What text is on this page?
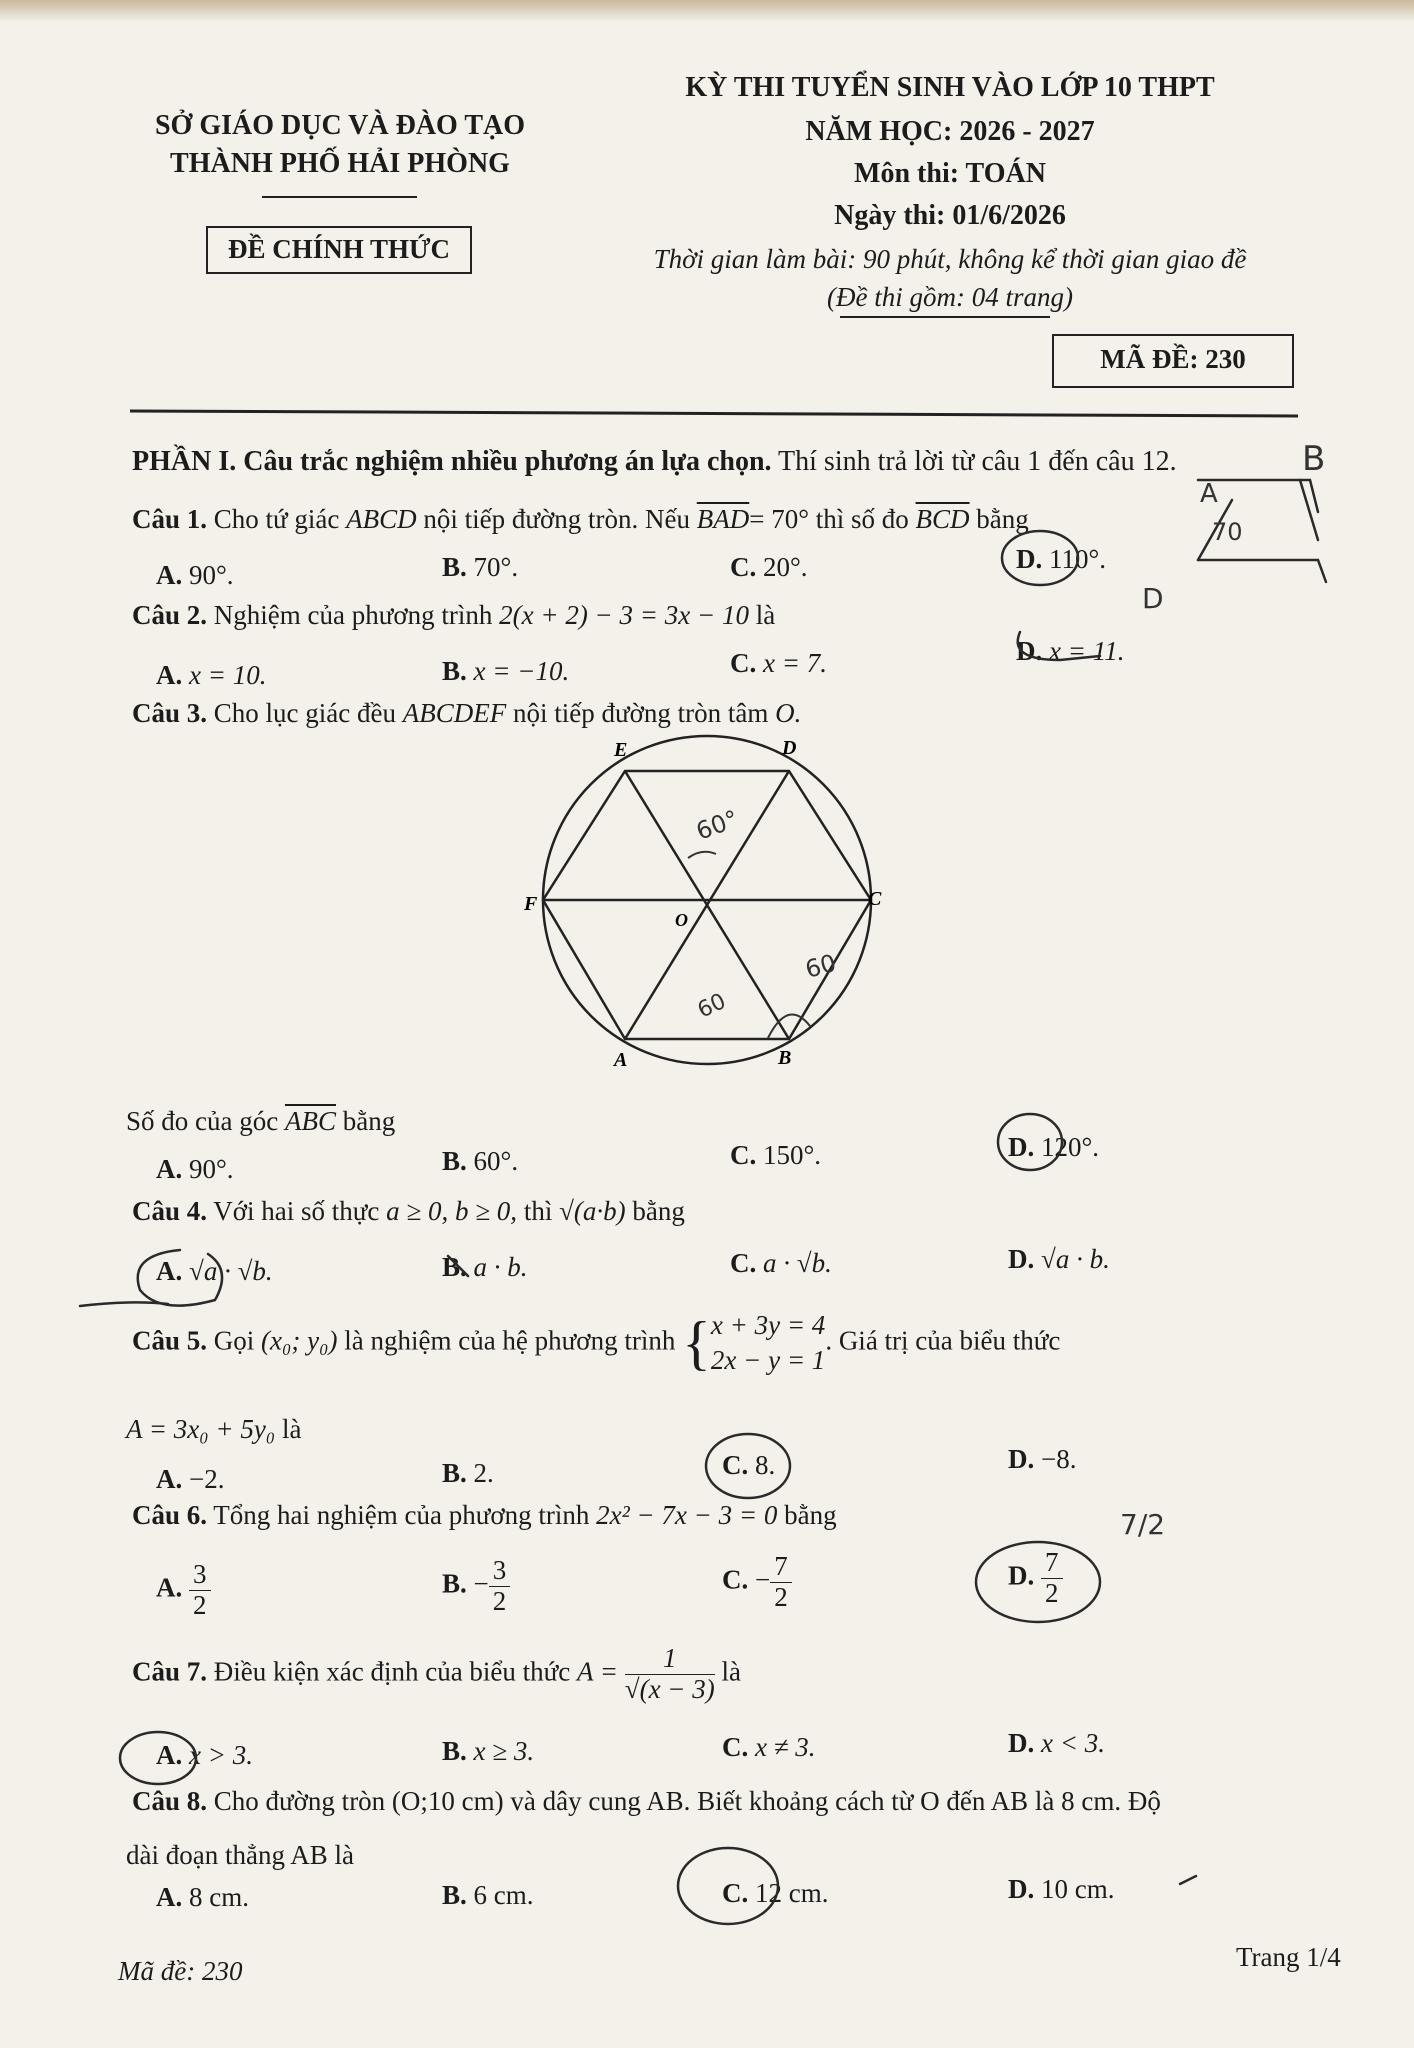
SỞ GIÁO DỤC VÀ ĐÀO TẠO
THÀNH PHỐ HẢI PHÒNG
ĐỀ CHÍNH THỨC
KỲ THI TUYỂN SINH VÀO LỚP 10 THPT
NĂM HỌC: 2026 - 2027
Môn thi: TOÁN
Ngày thi: 01/6/2026
Thời gian làm bài: 90 phút, không kể thời gian giao đề
(Đề thi gồm: 04 trang)
MÃ ĐỀ: 230
PHẦN I. Câu trắc nghiệm nhiều phương án lựa chọn. Thí sinh trả lời từ câu 1 đến câu 12.
Câu 1. Cho tứ giác ABCD nội tiếp đường tròn. Nếu $\overline{BAD}= 70^\circ$ thì số đo $\overline{BCD}$ bằng
A. 90°.	B. 70°.	C. 20°.	D. 110°.
Câu 2. Nghiệm của phương trình 2(x + 2) − 3 = 3x − 10 là
A. x = 10.	B. x = −10.	C. x = 7.	D. x = 11.
Câu 3. Cho lục giác đều ABCDEF nội tiếp đường tròn tâm O.
E	D
F	C
O
A	B
60°
60
60
Số đo của góc $\overline{ABC}$ bằng
A. 90°.	B. 60°.	C. 150°.	D. 120°.
Câu 4. Với hai số thực a ≥ 0, b ≥ 0, thì √(a·b) bằng
A. √a · √b.	B. a · b.	C. a · √b.	D. √a · b.
Câu 5. Gọi (x₀; y₀) là nghiệm của hệ phương trình { x + 3y = 4
2x − y = 1
. Giá trị của biểu thức
A = 3x₀ + 5y₀ là
A. −2.	B. 2.	C. 8.	D. −8.
Câu 6. Tổng hai nghiệm của phương trình 2x² − 7x − 3 = 0 bằng
A. $\frac{3}{2}$	B. − $\frac{3}{2}$	C. − $\frac{7}{2}$	D. $\frac{7}{2}$
Câu 7. Điều kiện xác định của biểu thức $A = \frac{1}{√(x - 3)}$ là
A. x > 3.	B. x ≥ 3.	C. x ≠ 3.	D. x < 3.
Câu 8. Cho đường tròn (O;10 cm) và dây cung AB. Biết khoảng cách từ O đến AB là 8 cm. Độ
dài đoạn thẳng AB là
A. 8 cm.	B. 6 cm.	C. 12 cm.	D. 10 cm.
Mã đề: 230	Trang 1/4
B
A
70
D
7/2
